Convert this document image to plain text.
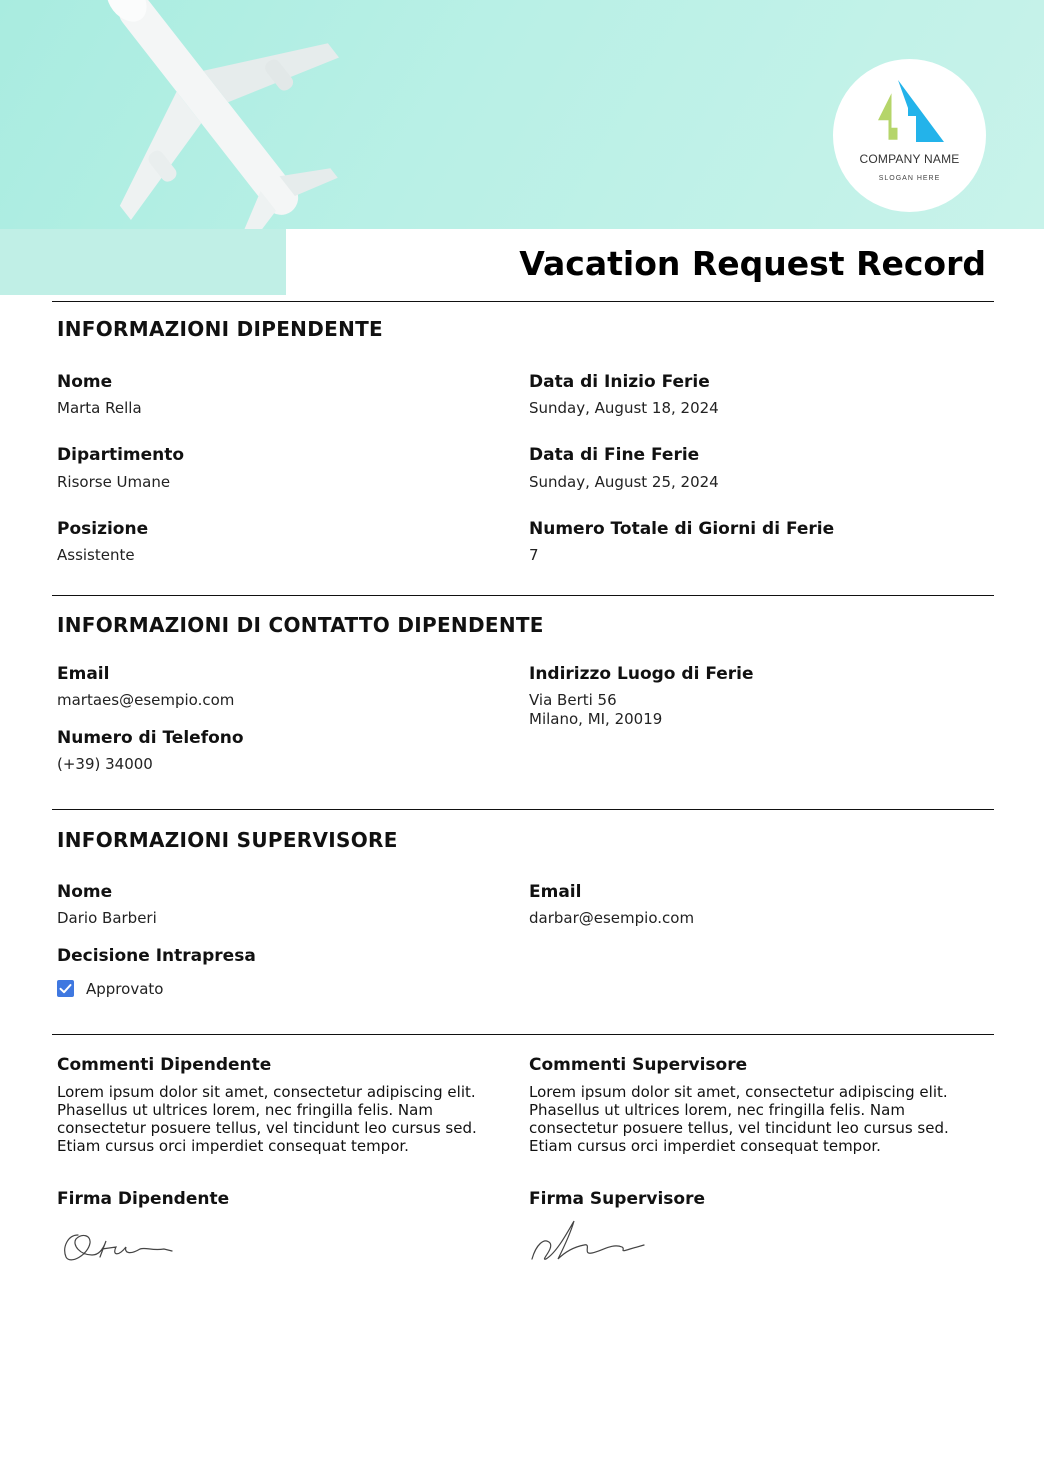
COMPANY NAME
SLOGAN HERE
Vacation Request Record
INFORMAZIONI DIPENDENTE
Nome
Marta Rella
Dipartimento
Risorse Umane
Posizione
Assistente
Data di Inizio Ferie
Sunday, August 18, 2024
Data di Fine Ferie
Sunday, August 25, 2024
Numero Totale di Giorni di Ferie
7
INFORMAZIONI DI CONTATTO DIPENDENTE
Email
martaes@esempio.com
Numero di Telefono
(+39) 34000
Indirizzo Luogo di Ferie
Via Berti 56
Milano, MI, 20019
INFORMAZIONI SUPERVISORE
Nome
Dario Barberi
Email
darbar@esempio.com
Decisione Intrapresa
Approvato
Commenti Dipendente
Lorem ipsum dolor sit amet, consectetur adipiscing elit. Phasellus ut ultrices lorem, nec fringilla felis. Nam consectetur posuere tellus, vel tincidunt leo cursus sed. Etiam cursus orci imperdiet consequat tempor.
Commenti Supervisore
Lorem ipsum dolor sit amet, consectetur adipiscing elit. Phasellus ut ultrices lorem, nec fringilla felis. Nam consectetur posuere tellus, vel tincidunt leo cursus sed. Etiam cursus orci imperdiet consequat tempor.
Firma Dipendente	Firma Supervisore
